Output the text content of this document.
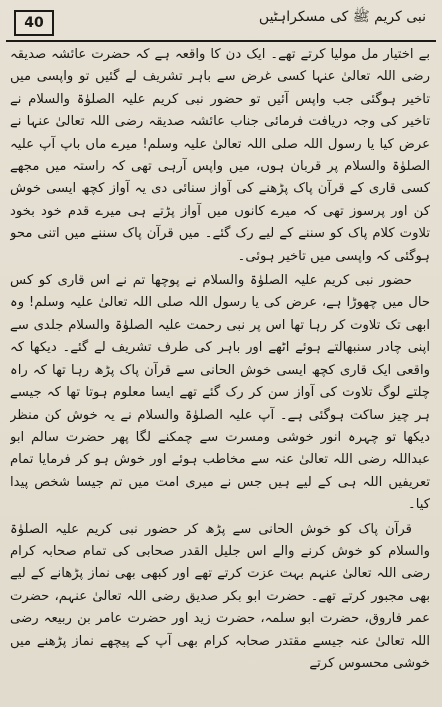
40	نبی کریم ﷺ کی مسکراہٹیں

بے اختیار مل مولیا کرتے تھے۔ ایک دن کا واقعہ ہے کہ حضرت عائشہ صدیقہ رضی اللہ تعالیٰ عنہا کسی غرض سے باہر تشریف لے گئیں تو واپسی میں تاخیر ہوگئی جب واپس آئیں تو حضور نبی کریم علیہ الصلوٰۃ والسلام نے تاخیر کی وجہ دریافت فرمائی جناب عائشہ صدیقہ رضی اللہ تعالیٰ عنہا نے عرض کیا یا رسول اللہ صلی اللہ تعالیٰ علیہ وسلم! میرے ماں باپ آپ علیہ الصلوٰۃ والسلام پر قربان ہوں، میں واپس آرہی تھی کہ راستہ میں مجھے کسی قاری کے قرآن پاک پڑھنے کی آواز سنائی دی یہ آواز کچھ ایسی خوش کن اور پرسوز تھی کہ میرے کانوں میں آواز پڑتے ہی میرے قدم خود بخود تلاوت کلام پاک کو سننے کے لیے رک گئے۔ میں قرآن پاک سننے میں اتنی محو ہوگئی کہ واپسی میں تاخیر ہوئی۔

حضور نبی کریم علیہ الصلوٰۃ والسلام نے پوچھا تم نے اس قاری کو کس حال میں چھوڑا ہے، عرض کی یا رسول اللہ صلی اللہ تعالیٰ علیہ وسلم! وہ ابھی تک تلاوت کر رہا تھا اس پر نبی رحمت علیہ الصلوٰۃ والسلام جلدی سے اپنی چادر سنبھالتے ہوئے اٹھے اور باہر کی طرف تشریف لے گئے۔ دیکھا کہ واقعی ایک قاری کچھ ایسی خوش الحانی سے قرآن پاک پڑھ رہا تھا کہ راہ چلتے لوگ تلاوت کی آواز سن کر رک گئے تھے ایسا معلوم ہوتا تھا کہ جیسے ہر چیز ساکت ہوگئی ہے۔ آپ علیہ الصلوٰۃ والسلام نے یہ خوش کن منظر دیکھا تو چہرہ انور خوشی ومسرت سے چمکنے لگا پھر حضرت سالم ابو عبداللہ رضی اللہ تعالیٰ عنہ سے مخاطب ہوئے اور خوش ہو کر فرمایا تمام تعریفیں اللہ ہی کے لیے ہیں جس نے میری امت میں تم جیسا شخص پیدا کیا۔

قرآن پاک کو خوش الحانی سے پڑھ کر حضور نبی کریم علیہ الصلوٰۃ والسلام کو خوش کرنے والے اس جلیل القدر صحابی کی تمام صحابہ کرام رضی اللہ تعالیٰ عنہم بہت عزت کرتے تھے اور کبھی بھی نماز پڑھانے کے لیے بھی مجبور کرتے تھے۔ حضرت ابو بکر صدیق رضی اللہ تعالیٰ عنہم، حضرت عمر فاروق، حضرت ابو سلمہ، حضرت زید اور حضرت عامر بن ربیعہ رضی اللہ تعالیٰ عنہ جیسے مقتدر صحابہ کرام بھی آپ کے پیچھے نماز پڑھنے میں خوشی محسوس کرتے
